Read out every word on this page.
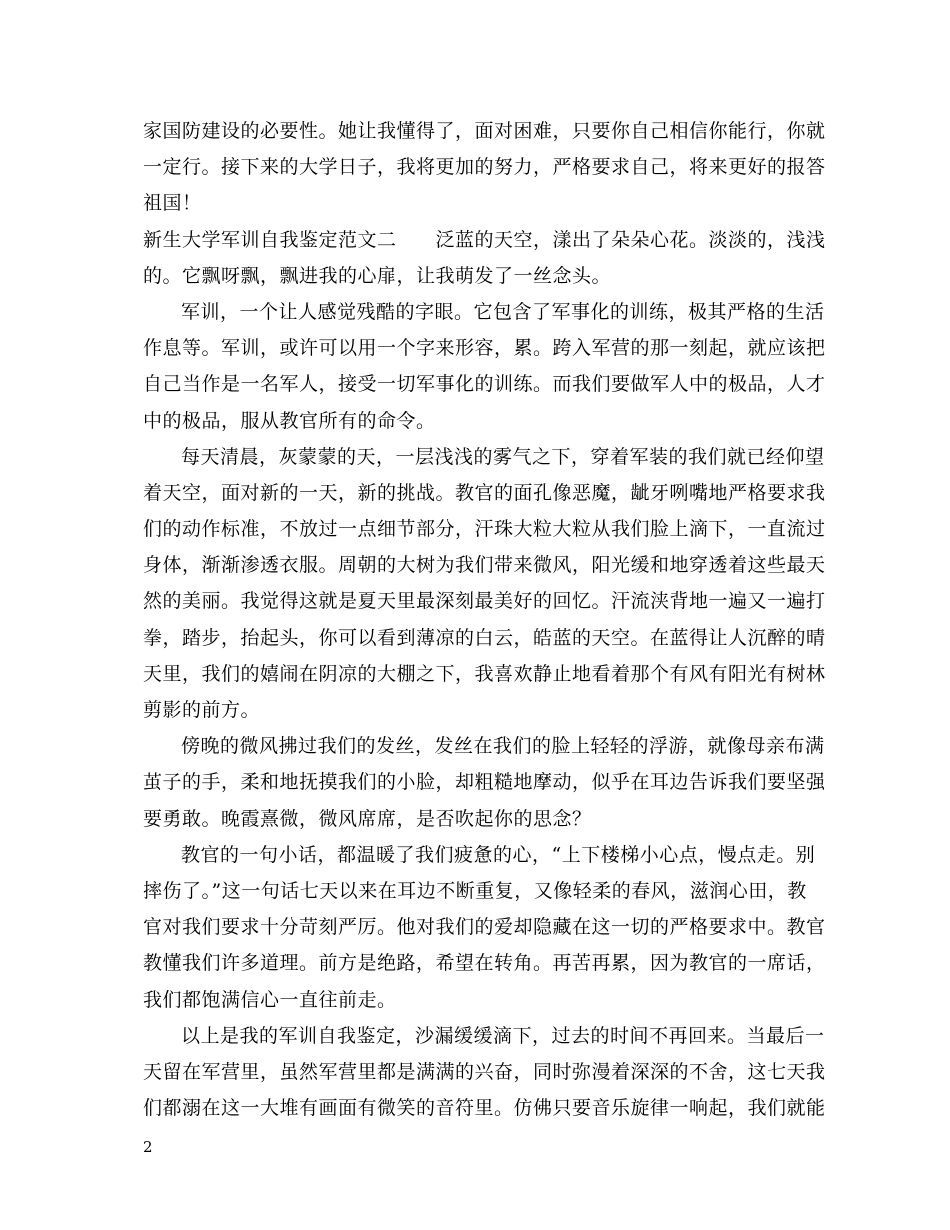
家国防建设的必要性。她让我懂得了，面对困难，只要你自己相信你能行，你就
一定行。接下来的大学日子，我将更加的努力，严格要求自己，将来更好的报答
祖国！
新生大学军训自我鉴定范文二　　泛蓝的天空，漾出了朵朵心花。淡淡的，浅浅
的。它飘呀飘，飘进我的心扉，让我萌发了一丝念头。
军训，一个让人感觉残酷的字眼。它包含了军事化的训练，极其严格的生活
作息等。军训，或许可以用一个字来形容，累。跨入军营的那一刻起，就应该把
自己当作是一名军人，接受一切军事化的训练。而我们要做军人中的极品，人才
中的极品，服从教官所有的命令。
每天清晨，灰蒙蒙的天，一层浅浅的雾气之下，穿着军装的我们就已经仰望
着天空，面对新的一天，新的挑战。教官的面孔像恶魔，龇牙咧嘴地严格要求我
们的动作标准，不放过一点细节部分，汗珠大粒大粒从我们脸上滴下，一直流过
身体，渐渐渗透衣服。周朝的大树为我们带来微风，阳光缓和地穿透着这些最天
然的美丽。我觉得这就是夏天里最深刻最美好的回忆。汗流浃背地一遍又一遍打
拳，踏步，抬起头，你可以看到薄凉的白云，皓蓝的天空。在蓝得让人沉醉的晴
天里，我们的嬉闹在阴凉的大棚之下，我喜欢静止地看着那个有风有阳光有树林
剪影的前方。
傍晚的微风拂过我们的发丝，发丝在我们的脸上轻轻的浮游，就像母亲布满
茧子的手，柔和地抚摸我们的小脸，却粗糙地摩动，似乎在耳边告诉我们要坚强
要勇敢。晚霞熹微，微风席席，是否吹起你的思念？
教官的一句小话，都温暖了我们疲惫的心，“上下楼梯小心点，慢点走。别
摔伤了。”这一句话七天以来在耳边不断重复，又像轻柔的春风，滋润心田，教
官对我们要求十分苛刻严厉。他对我们的爱却隐藏在这一切的严格要求中。教官
教懂我们许多道理。前方是绝路，希望在转角。再苦再累，因为教官的一席话，
我们都饱满信心一直往前走。
以上是我的军训自我鉴定，沙漏缓缓滴下，过去的时间不再回来。当最后一
天留在军营里，虽然军营里都是满满的兴奋，同时弥漫着深深的不舍，这七天我
们都溺在这一大堆有画面有微笑的音符里。仿佛只要音乐旋律一响起，我们就能
2
